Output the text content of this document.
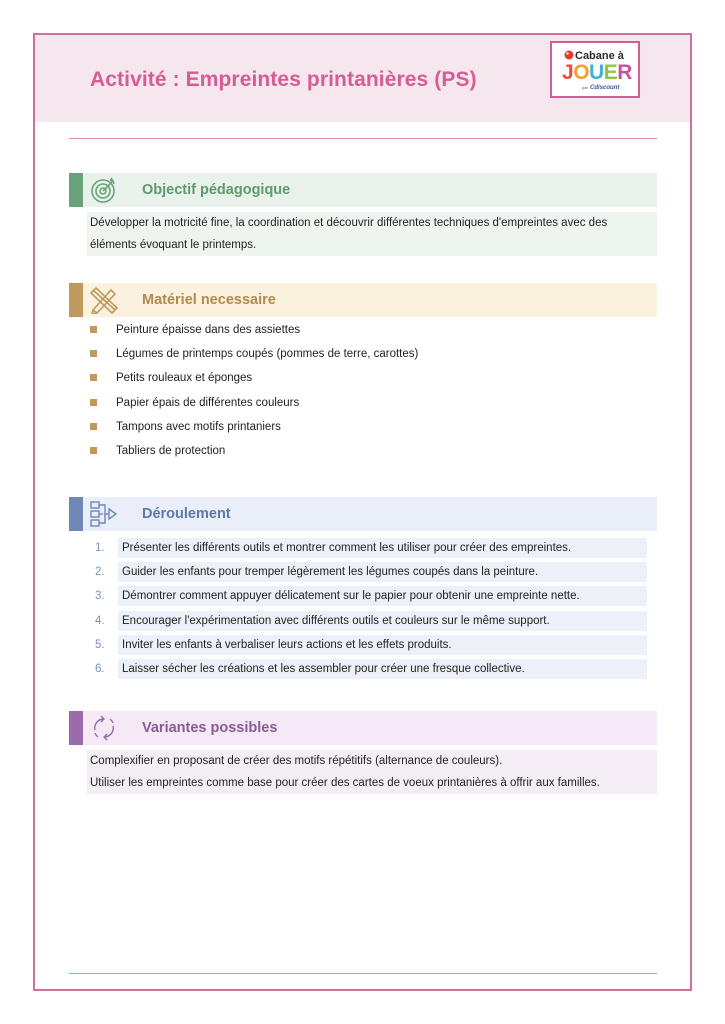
Activité : Empreintes printanières (PS)
Cabane à
JOUER
par Cdiscount
Objectif pédagogique
Développer la motricité fine, la coordination et découvrir différentes techniques d'empreintes avec des éléments évoquant le printemps.
Matériel necessaire
Peinture épaisse dans des assiettes
Légumes de printemps coupés (pommes de terre, carottes)
Petits rouleaux et éponges
Papier épais de différentes couleurs
Tampons avec motifs printaniers
Tabliers de protection
Déroulement
1.	Présenter les différents outils et montrer comment les utiliser pour créer des empreintes.
2.	Guider les enfants pour tremper légèrement les légumes coupés dans la peinture.
3.	Démontrer comment appuyer délicatement sur le papier pour obtenir une empreinte nette.
4.	Encourager l'expérimentation avec différents outils et couleurs sur le même support.
5.	Inviter les enfants à verbaliser leurs actions et les effets produits.
6.	Laisser sécher les créations et les assembler pour créer une fresque collective.
Variantes possibles
Complexifier en proposant de créer des motifs répétitifs (alternance de couleurs).
Utiliser les empreintes comme base pour créer des cartes de voeux printanières à offrir aux familles.
